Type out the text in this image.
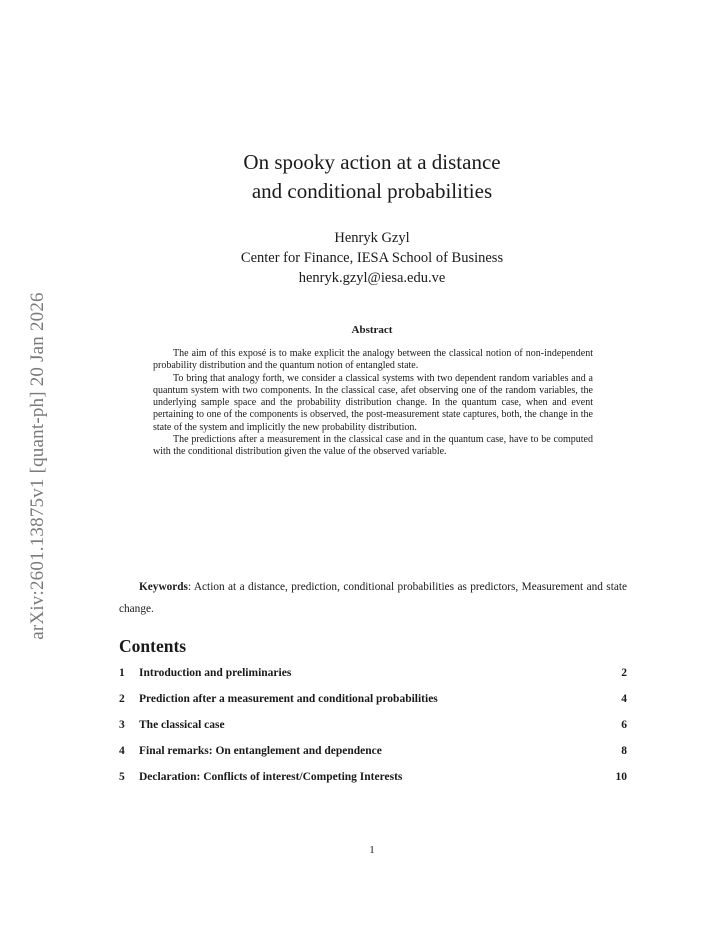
arXiv:2601.13875v1 [quant-ph] 20 Jan 2026
On spooky action at a distance
and conditional probabilities
Henryk Gzyl
Center for Finance, IESA School of Business
henryk.gzyl@iesa.edu.ve
Abstract

The aim of this exposé is to make explicit the analogy between the classical notion of non-independent probability distribution and the quantum notion of entangled state.

To bring that analogy forth, we consider a classical systems with two dependent random variables and a quantum system with two components. In the classical case, afet observing one of the random variables, the underlying sample space and the probability distribution change. In the quantum case, when and event pertaining to one of the components is observed, the post-measurement state captures, both, the change in the state of the system and implicitly the new probability distribution.

The predictions after a measurement in the classical case and in the quantum case, have to be computed with the conditional distribution given the value of the observed variable.

Keywords: Action at a distance, prediction, conditional probabilities as predictors, Measurement and state change.
Contents
1	Introduction and preliminaries	2
2	Prediction after a measurement and conditional probabilities	4
3	The classical case	6
4	Final remarks: On entanglement and dependence	8
5	Declaration: Conflicts of interest/Competing Interests	10
1
